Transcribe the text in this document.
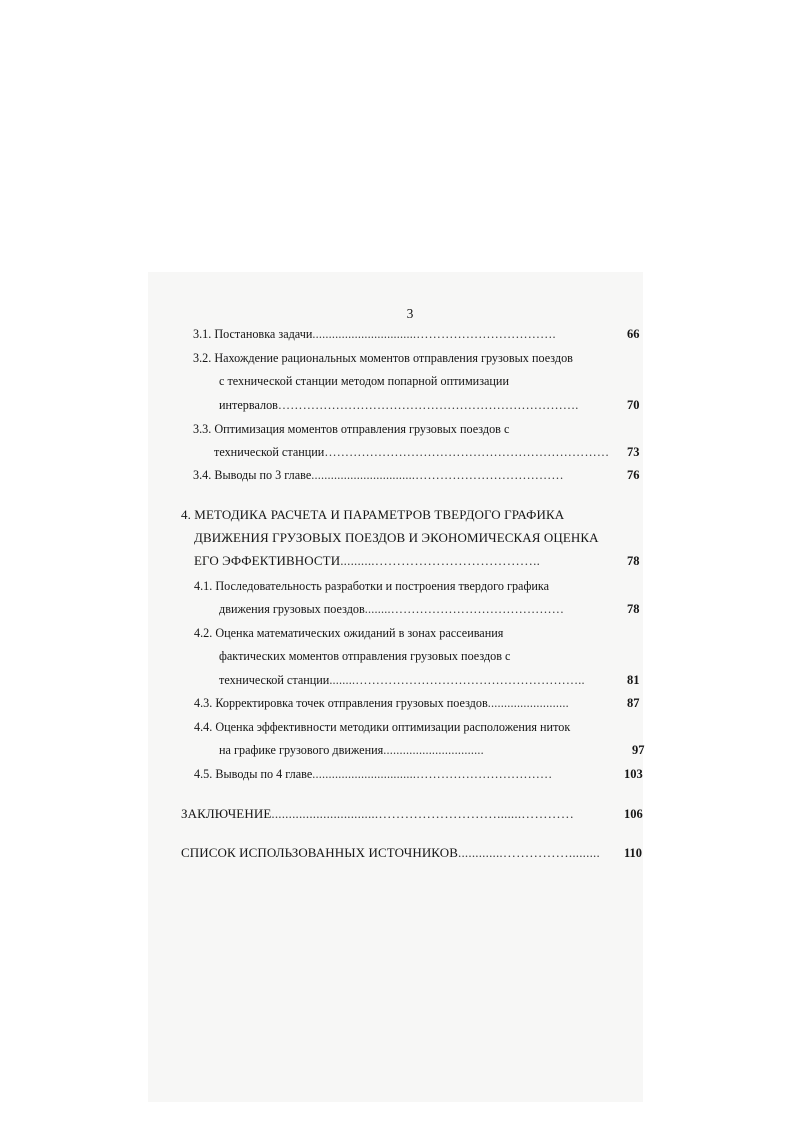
3
3.1. Постановка задачи................................…………………………….	66
3.2. Нахождение рациональных моментов отправления грузовых поездов
с технической станции методом попарной оптимизации
интервалов……………………………………………………………….	70
3.3. Оптимизация моментов отправления грузовых поездов с
технической станции…………………………………………………………… 73
3.4. Выводы по 3 главе................................………………………………	76
4. МЕТОДИКА РАСЧЕТА И ПАРАМЕТРОВ ТВЕРДОГО ГРАФИКА
ДВИЖЕНИЯ ГРУЗОВЫХ ПОЕЗДОВ И ЭКОНОМИЧЕСКАЯ ОЦЕНКА
ЕГО ЭФФЕКТИВНОСТИ..........………………………………..	78
4.1. Последовательность разработки и построения твердого графика
движения грузовых поездов........……………………………………	78
4.2. Оценка математических ожиданий в зонах рассеивания
фактических моментов отправления грузовых поездов с
технической станции........………………………………………………..	81
4.3. Корректировка точек отправления грузовых поездов.........................	87
4.4. Оценка эффективности методики оптимизации расположения ниток
на графике грузового движения...............................	97
4.5. Выводы по 4 главе................................……………………………	103
ЗАКЛЮЧЕНИЕ...............................……………………….......…………	106
СПИСОК ИСПОЛЬЗОВАННЫХ ИСТОЧНИКОВ.............……………......... 110
